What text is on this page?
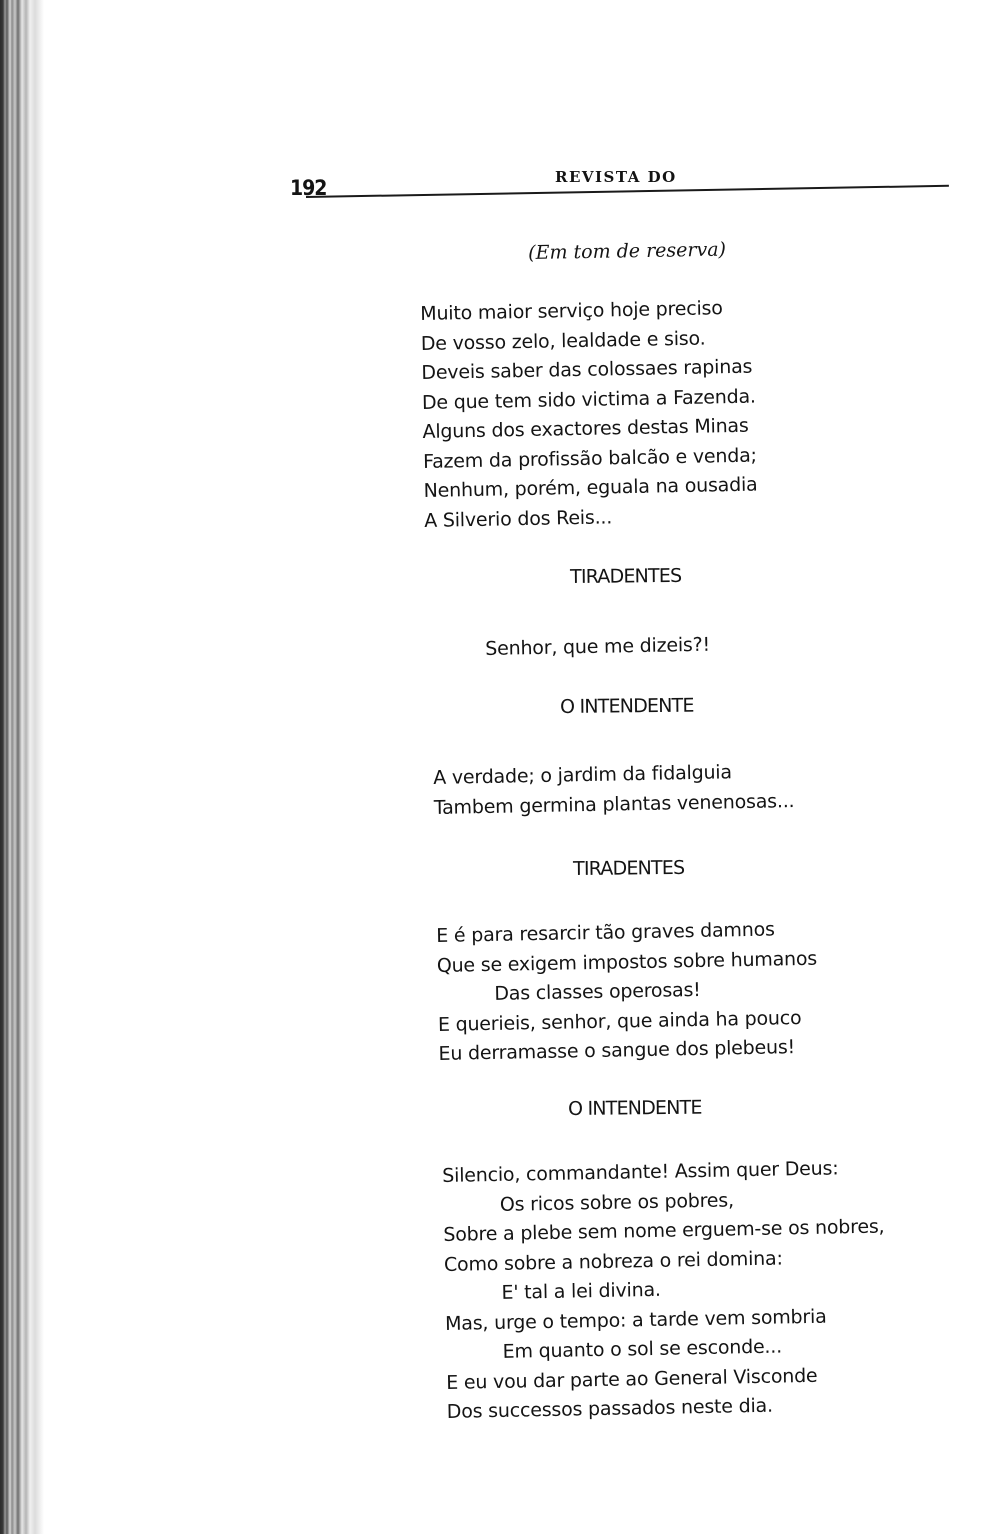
192	REVISTA DO
(Em tom de reserva)
Muito maior serviço hoje preciso
De vosso zelo, lealdade e siso.
Deveis saber das colossaes rapinas
De que tem sido victima a Fazenda.
Alguns dos exactores destas Minas
Fazem da profissão balcão e venda;
Nenhum, porém, eguala na ousadia
A Silverio dos Reis...
TIRADENTES
Senhor, que me dizeis?!
O INTENDENTE
A verdade; o jardim da fidalguia
Tambem germina plantas venenosas...
TIRADENTES
E é para resarcir tão graves damnos
Que se exigem impostos sobre humanos
Das classes operosas!
E querieis, senhor, que ainda ha pouco
Eu derramasse o sangue dos plebeus!
O INTENDENTE
Silencio, commandante! Assim quer Deus:
Os ricos sobre os pobres,
Sobre a plebe sem nome erguem-se os nobres,
Como sobre a nobreza o rei domina:
E' tal a lei divina.
Mas, urge o tempo: a tarde vem sombria
Em quanto o sol se esconde...
E eu vou dar parte ao General Visconde
Dos successos passados neste dia.
